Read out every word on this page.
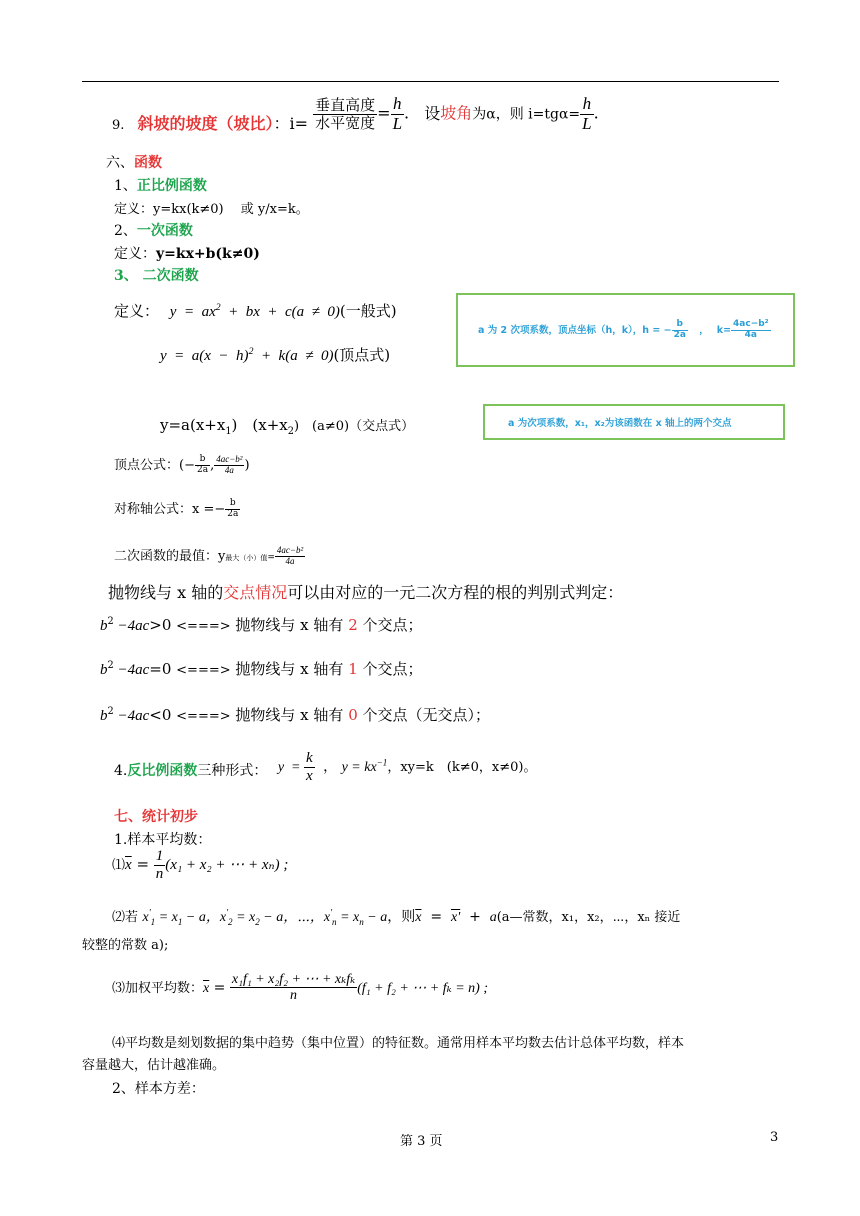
$_{9.}$ 斜坡的坡度（坡比）：$i= \frac{\text{垂直高度}}{\text{水平宽度}} = \frac{h}{L}$ . 设坡角为α，则 $i=tg\alpha= \frac{h}{L}$ .
六、函数
1、正比例函数
定义：y=kx(k≠0)　 或 y/x=k。
2、一次函数
定义：y=kx+b(k≠0)
3、 二次函数
定义： $y = ax^2$  +  bx  +  c(a  ≠  0)(一般式)
$y = a(x - h)^2 + k(a \ne 0)$(顶点式)
a 为 2 次项系数，顶点坐标（h，k），h = − $\frac{b}{2a}$ ， $k= \frac{\text{4ac−b²}}{4a}$
$y=a(x+x_1)$　$(x+x_2)$　(a≠0)（交点式）	a 为次项系数，x₁，x₂为该函数在 x 轴上的两个交点
顶点公式：(− $\frac{b}{2a}$ , $\frac{\text{4ac−b²}}{4a}$ )
对称轴公式：$x =- \frac{b}{2a}$
二次函数的最值：y最大（小）值= $\frac{\text{4ac−b²}}{4a}$
抛物线与 x 轴的交点情况可以由对应的一元二次方程的根的判别式判定：
$b^2 -4ac>0$ <===> 抛物线与 x 轴有 2 个交点；
$b^2 -4ac=0$ <===> 抛物线与 x 轴有 1 个交点；
$b^2 -4ac<0$ <===> 抛物线与 x 轴有 0 个交点（无交点）；
4.反比例函数三种形式： $y = \frac{k}{x}$ ， $y = kx^{-1}$，xy=k　(k≠0，x≠0)。
七、统计初步
1.样本平均数：
$⑴\overline{x} = \frac{1}{n} (x_1 + x_2$ + ⋯ + xₙ) ;
⑵若 $x'_1 = x_1 - a$，$x'_2 = x_2 - a$，⋯，$x'_n = x_n - a$，则$\overline{x} = x'$  +  a(a—常数，x₁，x₂，⋯，xₙ 接近
较整的常数 a);
⑶加权平均数：$\overline{x} = \frac{\text{x₁f₁ + x₂f₂ + ⋯ + xₖfₖ}}{n} (f_1 + f_2$ + ⋯ + fₖ = n) ;
⑷平均数是刻划数据的集中趋势（集中位置）的特征数。通常用样本平均数去估计总体平均数，样本
容量越大，估计越准确。
2、样本方差：
第 3 页	3
